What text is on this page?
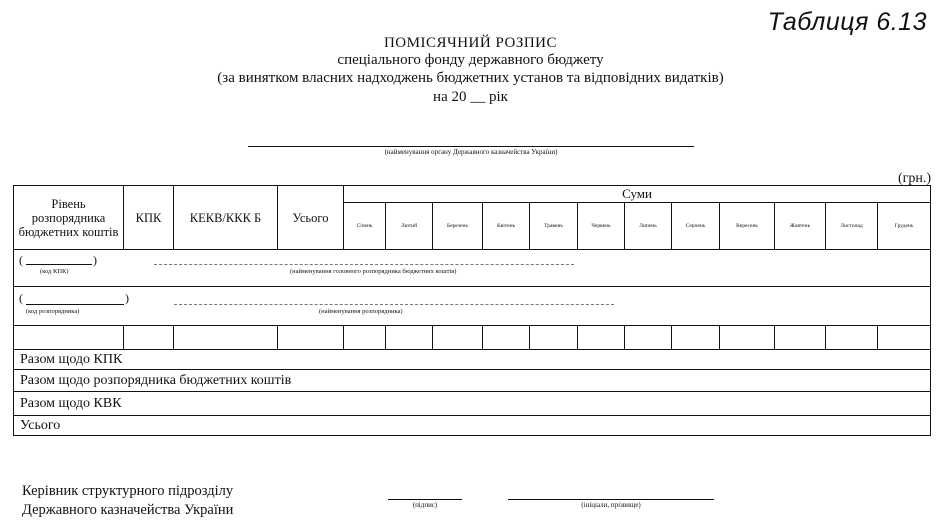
Таблиця 6.13
ПОМІСЯЧНИЙ РОЗПИС
спеціального фонду державного бюджету
(за винятком власних надходжень бюджетних установ та відповідних видатків)
на 20 __ рік
(найменування органу Державного казначейства України)
(грн.)
Рівень розпорядника бюджетних коштів	КПК	КЕКВ/ККК Б	Усього	Суми											
				Січень	Лютий	Березень	Квітень	Травень	Червень	Липень	Серпень	Вересень	Жовтень	Листопад	Грудень

( )
(код КПК) (найменування головного розпорядника бюджетних коштів)															

( )
(код розпорядника) (найменування розпорядника)															

Разом щодо КПК															
Разом щодо розпорядника бюджетних коштів															
Разом щодо КВК															
Усього															
Керівник структурного підрозділу
Державного казначейства України	(підпис)	(ініціали, прізвище)
